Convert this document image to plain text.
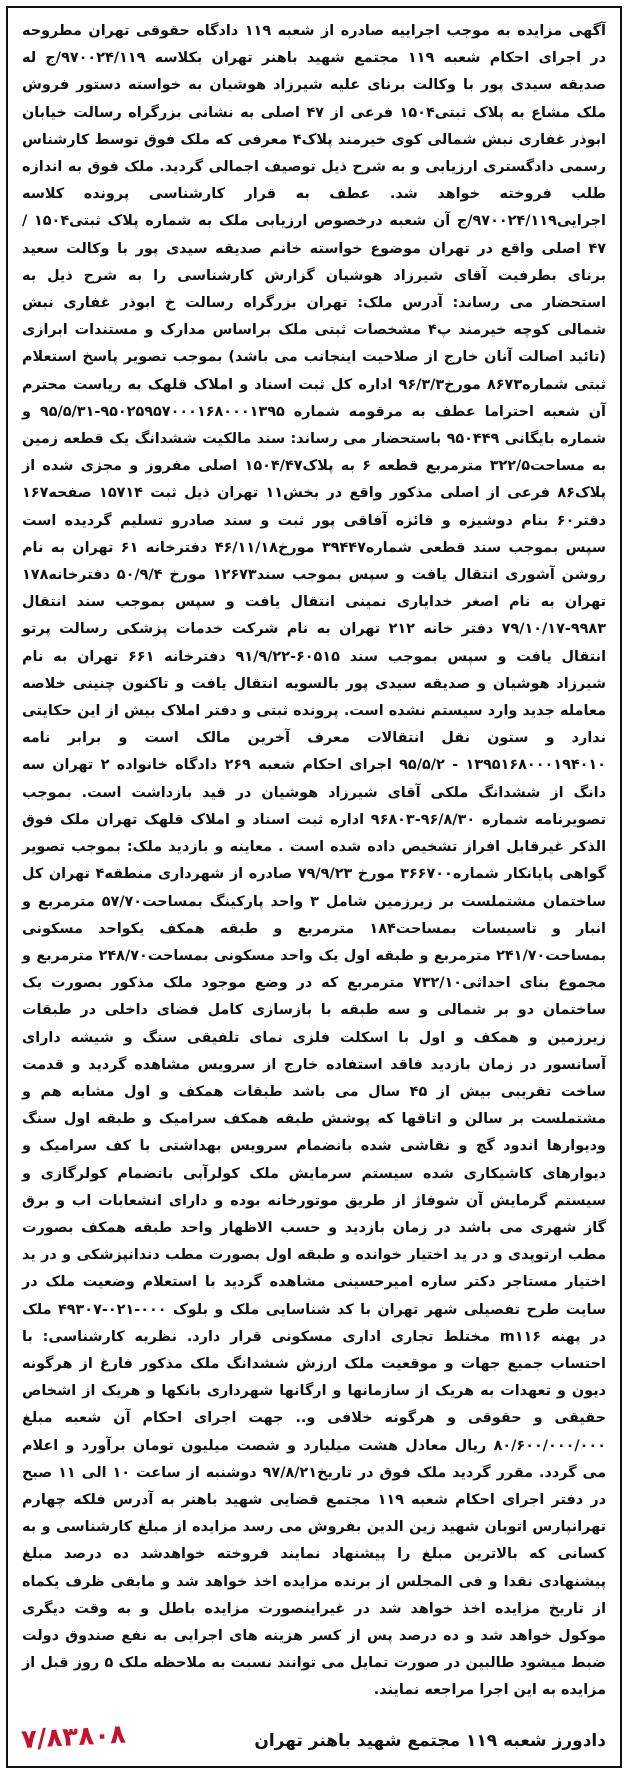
آگهی مزایده به موجب اجراییه صادره از شعبه ۱۱۹ دادگاه حقوقی تهران مطروحه در اجرای احکام شعبه ۱۱۹ مجتمع شهید باهنر تهران بکلاسه ۹۷۰۰۲۴/۱۱۹/ج له صدیقه سیدی پور با وکالت برنای علیه شیرزاد هوشیان به خواسته دستور فروش ملک مشاع به پلاک ثبتی۱۵۰۴ فرعی از ۴۷ اصلی به نشانی بزرگراه رسالت خیابان ابوذر غفاری نبش شمالی کوی خیرمند پلاک۴ معرفی که ملک فوق توسط کارشناس رسمی دادگستری ارزیابی و به شرح ذیل توصیف اجمالی گردید. ملک فوق به اندازه طلب فروخته خواهد شد. عطف به قرار کارشناسی پرونده کلاسه اجرایی۹۷۰۰۲۴/۱۱۹/ج آن شعبه درخصوص ارزیابی ملک به شماره پلاک ثبتی۱۵۰۴ / ۴۷ اصلی واقع در تهران موضوع خواسته خانم صدیقه سیدی پور با وکالت سعید برنای بطرفیت آقای شیرزاد هوشیان گزارش کارشناسی را به شرح ذیل به استحضار می رساند: آدرس ملک: تهران بزرگراه رسالت خ ابوذر غفاری نبش شمالی کوچه خیرمند پ۴ مشخصات ثبتی ملک براساس مدارک و مستندات ابرازی (تائید اصالت آنان خارج از صلاحیت اینجانب می باشد) بموجب تصویر پاسخ استعلام ثبتی شماره۸۶۷۳ مورخ۹۶/۳/۳ اداره کل ثبت اسناد و املاک قلهک به ریاست محترم آن شعبه احتراما عطف به مرقومه شماره ۹۵۰۲۵۹۵۷۰۰۰۱۶۸۰۰۰۱۳۹۵-۹۵/۵/۳۱ و شماره بایگانی ۹۵۰۴۴۹ باستحضار می رساند: سند مالکیت ششدانگ یک قطعه زمین به مساحت۳۲۲/۵ مترمربع قطعه ۶ به پلاک۱۵۰۴/۴۷ اصلی مفروز و مجزی شده از پلاک۸۶ فرعی از اصلی مذکور واقع در بخش۱۱ تهران ذیل ثبت ۱۵۷۱۴ صفحه۱۶۷ دفتر۶۰ بنام دوشیزه و فائزه آفاقی پور ثبت و سند صادرو تسلیم گردیده است سپس بموجب سند قطعی شماره۳۹۴۴۷ مورخ۴۶/۱۱/۱۸ دفترخانه ۶۱ تهران به نام روشن آشوری انتقال یافت و سپس بموجب سند۱۲۶۷۳ مورخ ۵۰/۹/۴ دفترخانه۱۷۸ تهران به نام اصغر خدایاری نمینی انتقال یافت و سپس بموجب سند انتقال ۹۹۸۳-۷۹/۱۰/۱۷ دفتر خانه ۲۱۲ تهران به نام شرکت خدمات پزشکی رسالت پرتو انتقال یافت و سپس بموجب سند ۶۰۵۱۵-۹۱/۹/۲۲ دفترخانه ۶۶۱ تهران به نام شیرزاد هوشیان و صدیقه سیدی پور بالسویه انتقال یافت و تاکنون چنینی خلاصه معامله جدید وارد سیستم نشده است. پرونده ثبتی و دفتر املاک بیش از این حکایتی ندارد و ستون نقل انتقالات معرف آخرین مالک است و برابر نامه ۱۳۹۵۱۶۸۰۰۰۱۹۴۰۱۰ - ۹۵/۵/۲ اجرای احکام شعبه ۲۶۹ دادگاه خانواده ۲ تهران سه دانگ از ششدانگ ملکی آقای شیرزاد هوشیان در قید بازداشت است. بموجب تصویرنامه شماره ۹۶/۸/۳۰-۹۶۸۰۳ اداره ثبت اسناد و املاک قلهک تهران ملک فوق الذکر غیرقابل افراز تشخیص داده شده است . معاینه و بازدید ملک: بموجب تصویر گواهی پایانکار شماره۳۶۶۷۰۰ مورخ ۷۹/۹/۲۳ صادره از شهرداری منطقه۴ تهران کل ساختمان مشتملست بر زیرزمین شامل ۳ واحد پارکینگ بمساحت۵۷/۷۰ مترمربع و انبار و تاسیسات بمساحت۱۸۴ مترمربع و طبقه همکف یکواحد مسکونی بمساحت۲۴۱/۷۰ مترمربع و طبقه اول یک واحد مسکونی بمساحت۲۴۸/۷۰ مترمربع و مجموع بنای احداثی۷۳۲/۱۰ مترمربع که در وضع موجود ملک مذکور بصورت یک ساختمان دو بر شمالی و سه طبقه با بازسازی کامل فضای داخلی در طبقات زیرزمین و همکف و اول با اسکلت فلزی نمای تلفیقی سنگ و شیشه دارای آسانسور در زمان بازدید فاقد استفاده خارج از سرویس مشاهده گردید و قدمت ساخت تقریبی بیش از ۴۵ سال می باشد طبقات همکف و اول مشابه هم و مشتملست بر سالن و اتاقها که پوشش طبقه همکف سرامیک و طبقه اول سنگ ودیوارها اندود گچ و نقاشی شده بانضمام سرویس بهداشتی با کف سرامیک و دیوارهای کاشیکاری شده سیستم سرمایش ملک کولرآبی بانضمام کولرگازی و سیستم گرمایش آن شوفاژ از طریق موتورخانه بوده و دارای انشعابات اب و برق گاز شهری می باشد در زمان بازدید و حسب الاظهار واحد طبقه همکف بصورت مطب ارتوپدی و در ید اختیار خوانده و طبقه اول بصورت مطب دندانپزشکی و در ید اختیار مستاجر دکتر ساره امیرحسینی مشاهده گردید با استعلام وضعیت ملک در سایت طرح تفصیلی شهر تهران با کد شناسایی ملک و بلوک ۰۰۰-۰۲۱-۴۹۳۰۷ ملک در پهنه m۱۱۶ مختلط تجاری اداری مسکونی قرار دارد. نظریه کارشناسی: با احتساب جمیع جهات و موقعیت ملک ارزش ششدانگ ملک مذکور فارغ از هرگونه دیون و تعهدات به هریک از سازمانها و ارگانها شهرداری بانکها و هریک از اشخاص حقیقی و حقوقی و هرگونه خلافی و.. جهت اجرای احکام آن شعبه مبلغ ۸۰/۶۰۰/۰۰۰/۰۰۰ ریال معادل هشت میلیارد و شصت میلیون تومان برآورد و اعلام می گردد. مقرر گردید ملک فوق در تاریخ۹۷/۸/۲۱ دوشنبه از ساعت ۱۰ الی ۱۱ صبح در دفتر اجرای احکام شعبه ۱۱۹ مجتمع قضایی شهید باهنر به آدرس فلکه چهارم تهرانپارس اتوبان شهید زین الدین بفروش می رسد مزایده از مبلغ کارشناسی و به کسانی که بالاترین مبلغ را پیشنهاد نمایند فروخته خواهدشد ده درصد مبلغ پیشنهادی نقدا و فی المجلس از برنده مزایده اخذ خواهد شد و مابقی ظرف یکماه از تاریخ مزایده اخذ خواهد شد در غیراینصورت مزایده باطل و به وقت دیگری موکول خواهد شد و ده درصد پس از کسر هزینه های اجرایی به نفع صندوق دولت ضبط میشود طالبین در صورت تمایل می توانند نسبت به ملاحظه ملک ۵ روز قبل از مزایده به این اجرا مراجعه نمایند.

دادورز شعبه ۱۱۹ مجتمع شهید باهنر تهران
۷/۸۳۸۰۸
